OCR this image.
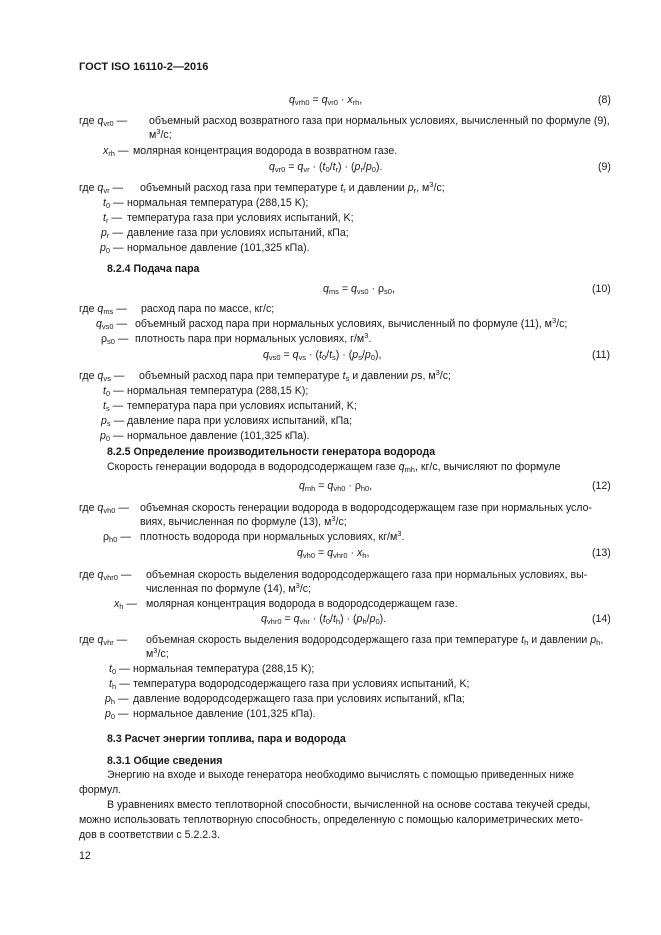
ГОСТ ISO 16110-2—2016
$q_{vrh0} = q_{vr0} \cdot x_{rh}$,	(8)
где $q_{vr0}$ — объемный расход возвратного газа при нормальных условиях, вычисленный по формуле (9),
$м^3/с$;
$x_{rh}$ — молярная концентрация водорода в возвратном газе.
$q_{vr0} = q_{vr} \cdot (t_0/t_r) \cdot (p_r/p_0)$.	(9)
где $q_{vr}$ — объемный расход газа при температуре $t_r$ и давлении $p_r$, $м^3/с$;
$t_0$ — нормальная температура (288,15 K);
$t_r$ — температура газа при условиях испытаний, K;
$p_r$ — давление газа при условиях испытаний, кПа;
$p_0$ — нормальное давление (101,325 кПа).
8.2.4 Подача пара
$q_{ms} = q_{vs0} \cdot \rho_{s0}$,	(10)
где $q_{ms}$ — расход пара по массе, кг/с;
$q_{vs0}$ — объемный расход пара при нормальных условиях, вычисленный по формуле (11), $м^3/с$;
$\rho_{s0}$ — плотность пара при нормальных условиях, $г/м^3$.
$q_{vs0} = q_{vs} \cdot (t_0/t_s) \cdot (p_s/p_0)$,	(11)
где $q_{vs}$ — объемный расход пара при температуре $t_s$ и давлении ps, $м^3/с$;
$t_0$ — нормальная температура (288,15 K);
$t_s$ — температура пара при условиях испытаний, K;
$p_s$ — давление пара при условиях испытаний, кПа;
$p_0$ — нормальное давление (101,325 кПа).
8.2.5 Определение производительности генератора водорода
Скорость генерации водорода в водородсодержащем газе $q_{mh}$, кг/с, вычисляют по формуле
$q_{mh} = q_{vh0} \cdot \rho_{h0}$,	(12)
где $q_{vh0}$ — объемная скорость генерации водорода в водородсодержащем газе при нормальных усло-
виях, вычисленная по формуле (13), $м^3/с$;
$\rho_{h0}$ — плотность водорода при нормальных условиях, $кг/м^3$.
$q_{vh0} = q_{vhr0} \cdot x_h$,	(13)
где $q_{vhr0}$ — объемная скорость выделения водородсодержащего газа при нормальных условиях, вы-
численная по формуле (14), $м^3/с$;
$x_h$ — молярная концентрация водорода в водородсодержащем газе.
$q_{vhr0} = q_{vhr} \cdot (t_0/t_h) \cdot (p_h/p_0)$.	(14)
где $q_{vhr}$ — объемная скорость выделения водородсодержащего газа при температуре $t_h$ и давлении $p_h$,
$м^3/с$;
$t_0$ — нормальная температура (288,15 K);
$t_h$ — температура водородсодержащего газа при условиях испытаний, K;
$p_h$ — давление водородсодержащего газа при условиях испытаний, кПа;
$p_0$ — нормальное давление (101,325 кПа).
8.3 Расчет энергии топлива, пара и водорода
8.3.1 Общие сведения
Энергию на входе и выходе генератора необходимо вычислять с помощью приведенных ниже
формул.
В уравнениях вместо теплотворной способности, вычисленной на основе состава текучей среды,
можно использовать теплотворную способность, определенную с помощью калориметрических мето-
дов в соответствии с 5.2.2.3.
12
